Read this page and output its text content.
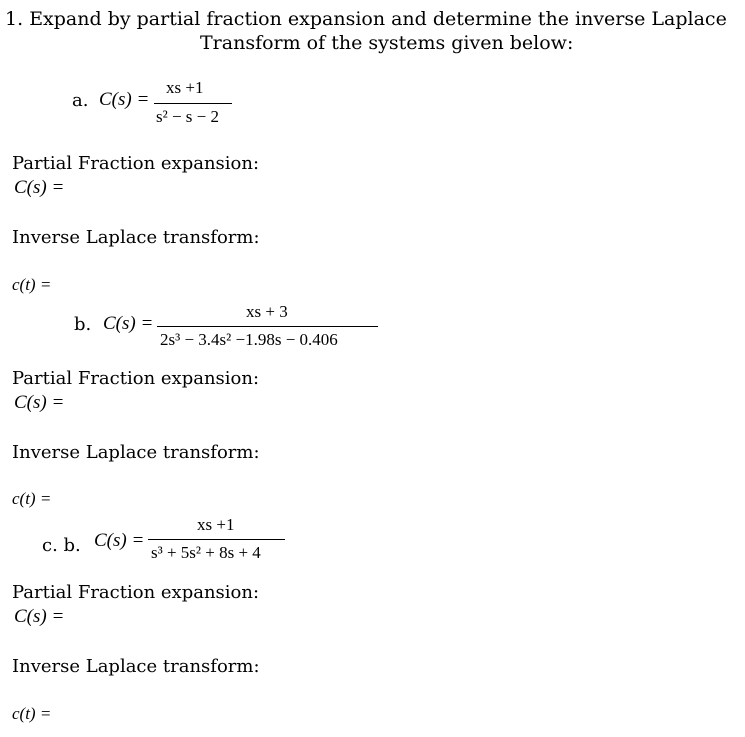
1. Expand by partial fraction expansion and determine the inverse Laplace
Transform of the systems given below:
a. C(s) =
xs +1
s² − s − 2
Partial Fraction expansion:
C(s) =
Inverse Laplace transform:
c(t) =
b. C(s) =
xs + 3
2s³ − 3.4s² −1.98s − 0.406
Partial Fraction expansion:
C(s) =
Inverse Laplace transform:
c(t) =
c. b. C(s) =
xs +1
s³ + 5s² + 8s + 4
Partial Fraction expansion:
C(s) =
Inverse Laplace transform:
c(t) =
